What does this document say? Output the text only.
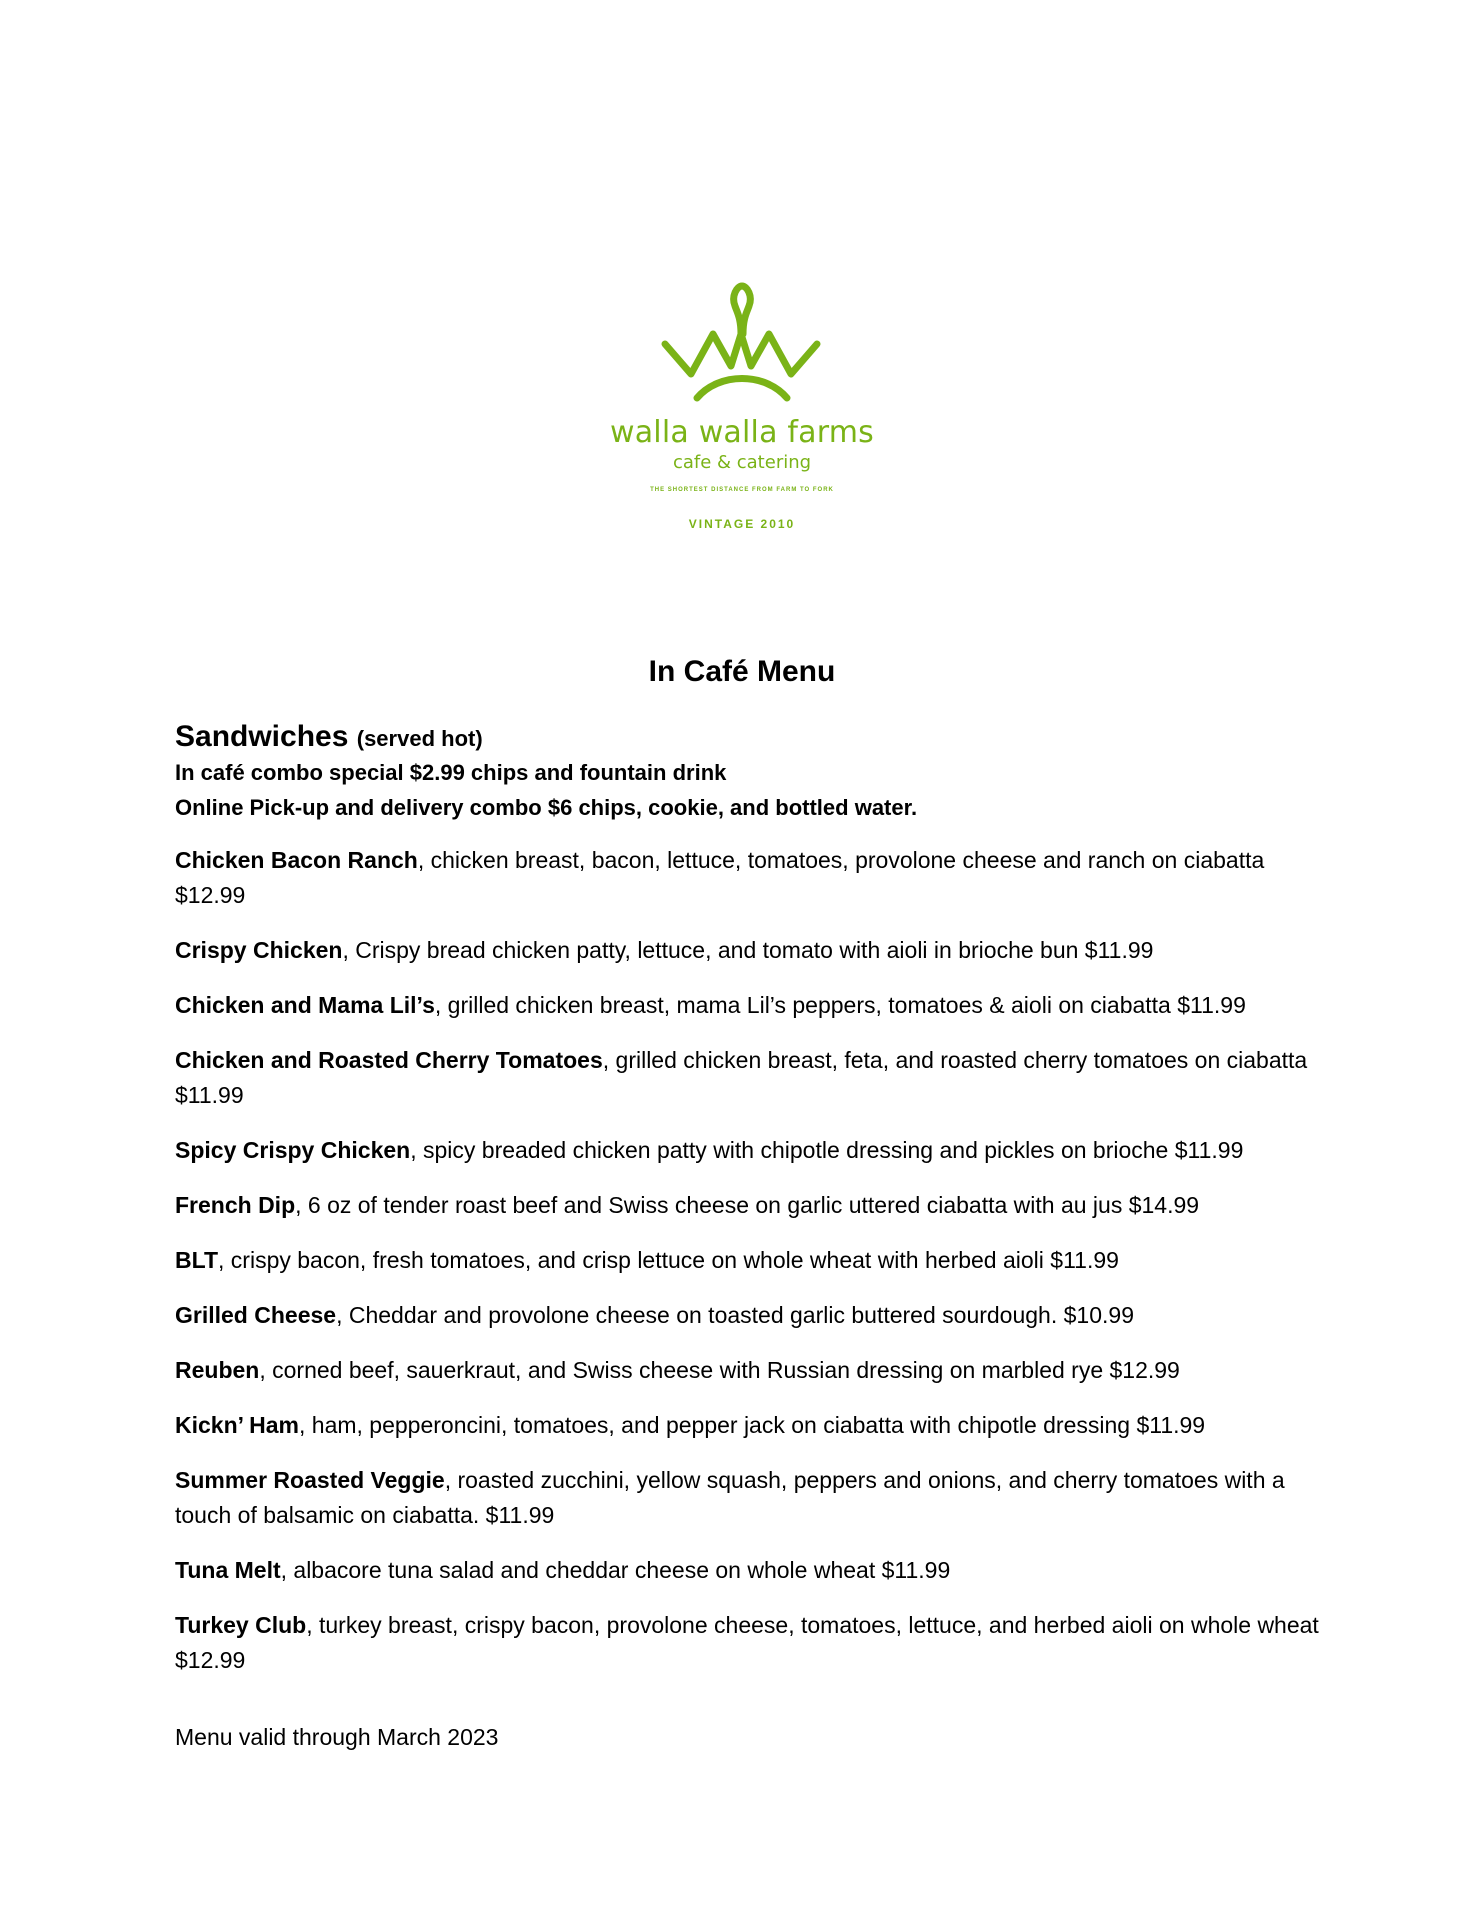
walla walla farms
cafe & catering
THE SHORTEST DISTANCE FROM FARM TO FORK
VINTAGE 2010
In Café Menu
Sandwiches (served hot)

In café combo special $2.99 chips and fountain drink

Online Pick-up and delivery combo $6 chips, cookie, and bottled water.

Chicken Bacon Ranch, chicken breast, bacon, lettuce, tomatoes, provolone cheese and ranch on ciabatta $12.99

Crispy Chicken, Crispy bread chicken patty, lettuce, and tomato with aioli in brioche bun $11.99

Chicken and Mama Lil’s, grilled chicken breast, mama Lil’s peppers, tomatoes & aioli on ciabatta $11.99

Chicken and Roasted Cherry Tomatoes, grilled chicken breast, feta, and roasted cherry tomatoes on ciabatta $11.99

Spicy Crispy Chicken, spicy breaded chicken patty with chipotle dressing and pickles on brioche $11.99

French Dip, 6 oz of tender roast beef and Swiss cheese on garlic uttered ciabatta with au jus $14.99

BLT, crispy bacon, fresh tomatoes, and crisp lettuce on whole wheat with herbed aioli $11.99

Grilled Cheese, Cheddar and provolone cheese on toasted garlic buttered sourdough. $10.99

Reuben, corned beef, sauerkraut, and Swiss cheese with Russian dressing on marbled rye $12.99

Kickn’ Ham, ham, pepperoncini, tomatoes, and pepper jack on ciabatta with chipotle dressing $11.99

Summer Roasted Veggie, roasted zucchini, yellow squash, peppers and onions, and cherry tomatoes with a touch of balsamic on ciabatta. $11.99

Tuna Melt, albacore tuna salad and cheddar cheese on whole wheat $11.99

Turkey Club, turkey breast, crispy bacon, provolone cheese, tomatoes, lettuce, and herbed aioli on whole wheat $12.99

Menu valid through March 2023
